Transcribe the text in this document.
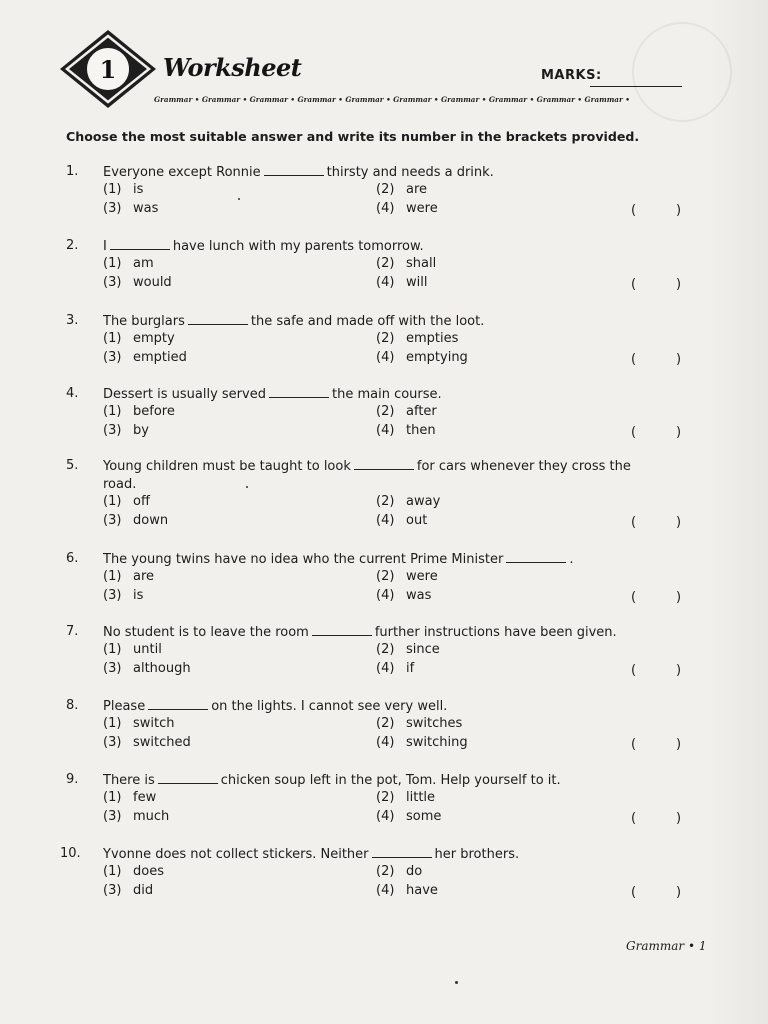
1	Worksheet	MARKS:
Grammar • Grammar • Grammar • Grammar • Grammar • Grammar • Grammar • Grammar • Grammar • Grammar •
Choose the most suitable answer and write its number in the brackets provided.
1. Everyone except Ronnie	thirsty and needs a drink.
(1) is	(2) are
(3) was	(4) were	(	)
2. I	have lunch with my parents tomorrow.
(1) am	(2) shall
(3) would	(4) will	(	)
3. The burglars	the safe and made off with the loot.
(1) empty	(2) empties
(3) emptied	(4) emptying	(	)
4. Dessert is usually served	the main course.
(1) before	(2) after
(3) by	(4) then	(	)
5. Young children must be taught to look	for cars whenever they cross the
road.
(1) off	(2) away
(3) down	(4) out	(	)
6. The young twins have no idea who the current Prime Minister	.
(1) are	(2) were
(3) is	(4) was	(	)
7. No student is to leave the room	further instructions have been given.
(1) until	(2) since
(3) although	(4) if	(	)
8. Please	on the lights. I cannot see very well.
(1) switch	(2) switches
(3) switched	(4) switching	(	)
9. There is	chicken soup left in the pot, Tom. Help yourself to it.
(1) few	(2) little
(3) much	(4) some	(	)
10. Yvonne does not collect stickers. Neither	her brothers.
(1) does	(2) do
(3) did	(4) have	(	)
Grammar • 1
